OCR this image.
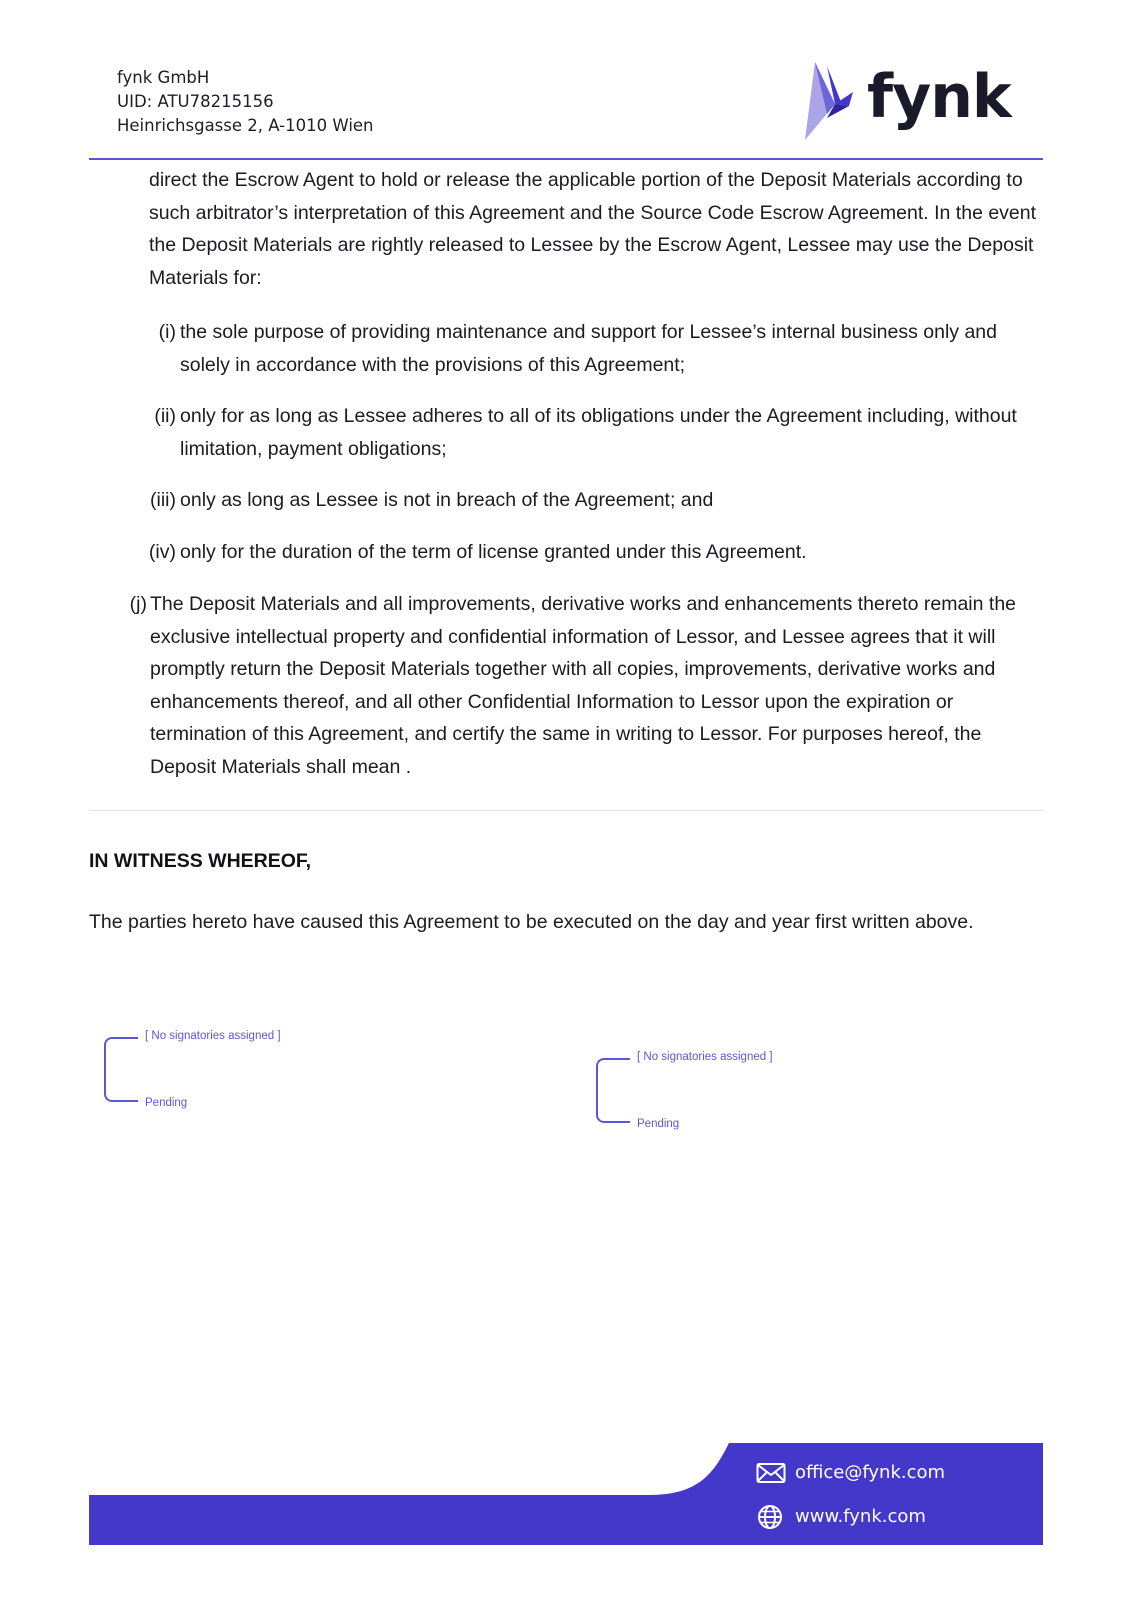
fynk GmbH
UID: ATU78215156
Heinrichsgasse 2, A-1010 Wien	fynk
direct the Escrow Agent to hold or release the applicable portion of the Deposit Materials according to such arbitrator’s interpretation of this Agreement and the Source Code Escrow Agreement. In the event the Deposit Materials are rightly released to Lessee by the Escrow Agent, Lessee may use the Deposit Materials for:
(i) the sole purpose of providing maintenance and support for Lessee’s internal business only and solely in accordance with the provisions of this Agreement;
(ii) only for as long as Lessee adheres to all of its obligations under the Agreement including, without limitation, payment obligations;
(iii) only as long as Lessee is not in breach of the Agreement; and
(iv) only for the duration of the term of license granted under this Agreement.
(j) The Deposit Materials and all improvements, derivative works and enhancements thereto remain the exclusive intellectual property and confidential information of Lessor, and Lessee agrees that it will promptly return the Deposit Materials together with all copies, improvements, derivative works and enhancements thereof, and all other Confidential Information to Lessor upon the expiration or termination of this Agreement, and certify the same in writing to Lessor. For purposes hereof, the Deposit Materials shall mean .
IN WITNESS WHEREOF,
The parties hereto have caused this Agreement to be executed on the day and year first written above.
[ No signatories assigned ]
Pending
[ No signatories assigned ]
Pending
office@fynk.com
www.fynk.com
